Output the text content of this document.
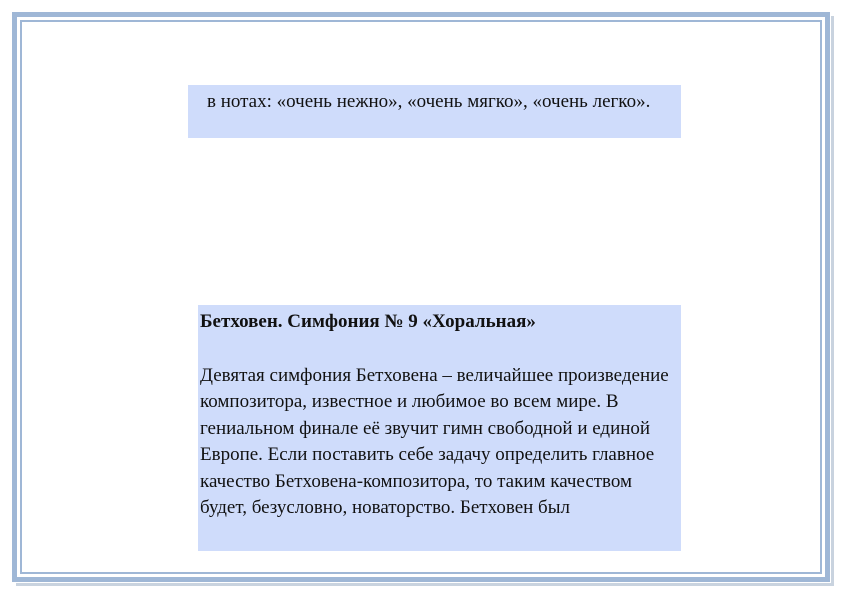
в нотах: «очень нежно», «очень мягко», «очень легко».

Бетховен. Симфония № 9 «Хоральная»

Девятая симфония Бетховена – величайшее произведение композитора, известное и любимое во всем мире. В гениальном финале её звучит гимн свободной и единой Европе. Если поставить себе задачу определить главное качество Бетховена-композитора, то таким качеством будет, безусловно, новаторство. Бетховен был
